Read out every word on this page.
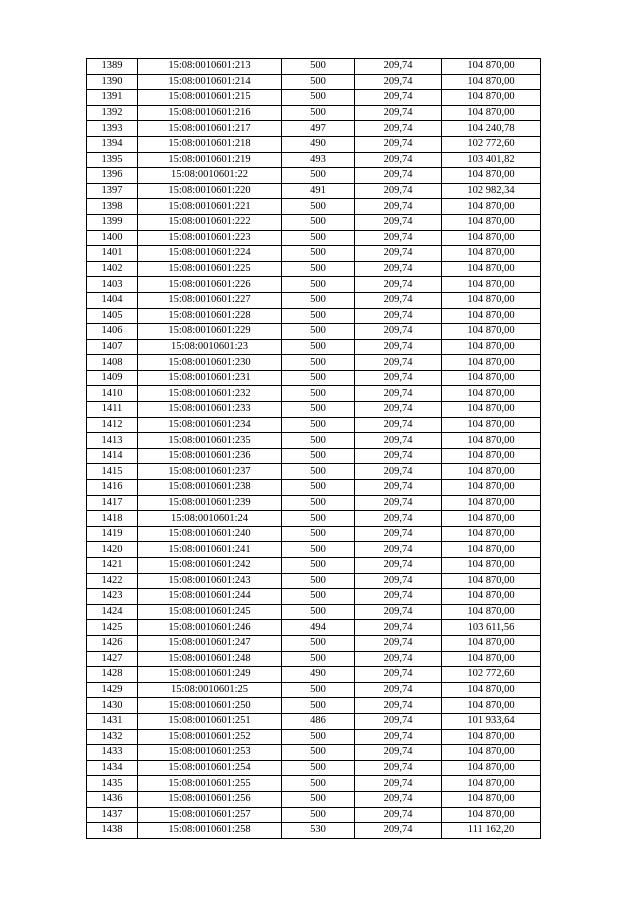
1389	15:08:0010601:213	500	209,74	104 870,00
1390	15:08:0010601:214	500	209,74	104 870,00
1391	15:08:0010601:215	500	209,74	104 870,00
1392	15:08:0010601:216	500	209,74	104 870,00
1393	15:08:0010601:217	497	209,74	104 240,78
1394	15:08:0010601:218	490	209,74	102 772,60
1395	15:08:0010601:219	493	209,74	103 401,82
1396	15:08:0010601:22	500	209,74	104 870,00
1397	15:08:0010601:220	491	209,74	102 982,34
1398	15:08:0010601:221	500	209,74	104 870,00
1399	15:08:0010601:222	500	209,74	104 870,00
1400	15:08:0010601:223	500	209,74	104 870,00
1401	15:08:0010601:224	500	209,74	104 870,00
1402	15:08:0010601:225	500	209,74	104 870,00
1403	15:08:0010601:226	500	209,74	104 870,00
1404	15:08:0010601:227	500	209,74	104 870,00
1405	15:08:0010601:228	500	209,74	104 870,00
1406	15:08:0010601:229	500	209,74	104 870,00
1407	15:08:0010601:23	500	209,74	104 870,00
1408	15:08:0010601:230	500	209,74	104 870,00
1409	15:08:0010601:231	500	209,74	104 870,00
1410	15:08:0010601:232	500	209,74	104 870,00
1411	15:08:0010601:233	500	209,74	104 870,00
1412	15:08:0010601:234	500	209,74	104 870,00
1413	15:08:0010601:235	500	209,74	104 870,00
1414	15:08:0010601:236	500	209,74	104 870,00
1415	15:08:0010601:237	500	209,74	104 870,00
1416	15:08:0010601:238	500	209,74	104 870,00
1417	15:08:0010601:239	500	209,74	104 870,00
1418	15:08:0010601:24	500	209,74	104 870,00
1419	15:08:0010601:240	500	209,74	104 870,00
1420	15:08:0010601:241	500	209,74	104 870,00
1421	15:08:0010601:242	500	209,74	104 870,00
1422	15:08:0010601:243	500	209,74	104 870,00
1423	15:08:0010601:244	500	209,74	104 870,00
1424	15:08:0010601:245	500	209,74	104 870,00
1425	15:08:0010601:246	494	209,74	103 611,56
1426	15:08:0010601:247	500	209,74	104 870,00
1427	15:08:0010601:248	500	209,74	104 870,00
1428	15:08:0010601:249	490	209,74	102 772,60
1429	15:08:0010601:25	500	209,74	104 870,00
1430	15:08:0010601:250	500	209,74	104 870,00
1431	15:08:0010601:251	486	209,74	101 933,64
1432	15:08:0010601:252	500	209,74	104 870,00
1433	15:08:0010601:253	500	209,74	104 870,00
1434	15:08:0010601:254	500	209,74	104 870,00
1435	15:08:0010601:255	500	209,74	104 870,00
1436	15:08:0010601:256	500	209,74	104 870,00
1437	15:08:0010601:257	500	209,74	104 870,00
1438	15:08:0010601:258	530	209,74	111 162,20
